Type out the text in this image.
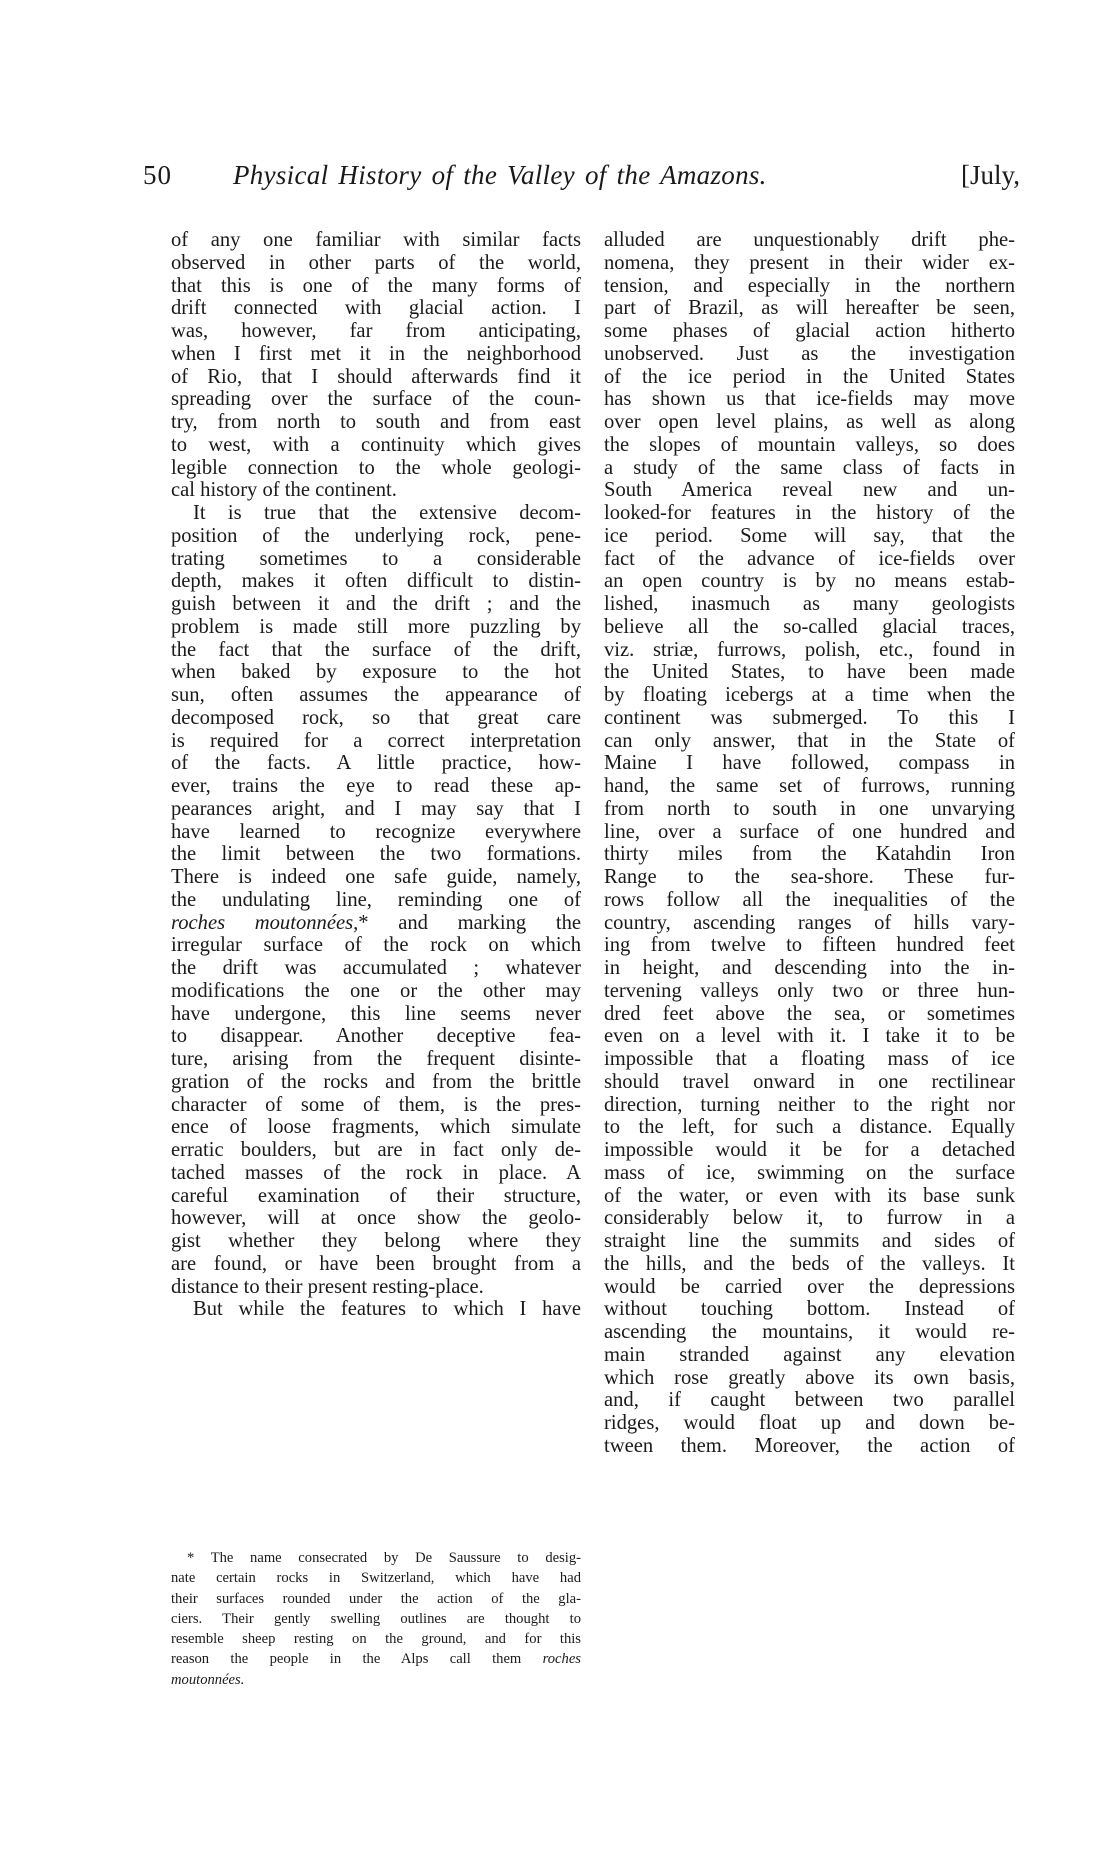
50 Physical History of the Valley of the Amazons.	[July,
of any one familiar with similar facts
observed in other parts of the world,
that this is one of the many forms of
drift connected with glacial action. I
was, however, far from anticipating,
when I first met it in the neighborhood
of Rio, that I should afterwards find it
spreading over the surface of the coun-
try, from north to south and from east
to west, with a continuity which gives
legible connection to the whole geologi-
cal history of the continent.
It is true that the extensive decom-
position of the underlying rock, pene-
trating sometimes to a considerable
depth, makes it often difficult to distin-
guish between it and the drift ; and the
problem is made still more puzzling by
the fact that the surface of the drift,
when baked by exposure to the hot
sun, often assumes the appearance of
decomposed rock, so that great care
is required for a correct interpretation
of the facts. A little practice, how-
ever, trains the eye to read these ap-
pearances aright, and I may say that I
have learned to recognize everywhere
the limit between the two formations.
There is indeed one safe guide, namely,
the undulating line, reminding one of
roches moutonnées,* and marking the
irregular surface of the rock on which
the drift was accumulated ; whatever
modifications the one or the other may
have undergone, this line seems never
to disappear. Another deceptive fea-
ture, arising from the frequent disinte-
gration of the rocks and from the brittle
character of some of them, is the pres-
ence of loose fragments, which simulate
erratic boulders, but are in fact only de-
tached masses of the rock in place. A
careful examination of their structure,
however, will at once show the geolo-
gist whether they belong where they
are found, or have been brought from a
distance to their present resting-place.
But while the features to which I have
alluded are unquestionably drift phe-
nomena, they present in their wider ex-
tension, and especially in the northern
part of Brazil, as will hereafter be seen,
some phases of glacial action hitherto
unobserved. Just as the investigation
of the ice period in the United States
has shown us that ice-fields may move
over open level plains, as well as along
the slopes of mountain valleys, so does
a study of the same class of facts in
South America reveal new and un-
looked-for features in the history of the
ice period. Some will say, that the
fact of the advance of ice-fields over
an open country is by no means estab-
lished, inasmuch as many geologists
believe all the so-called glacial traces,
viz. striæ, furrows, polish, etc., found in
the United States, to have been made
by floating icebergs at a time when the
continent was submerged. To this I
can only answer, that in the State of
Maine I have followed, compass in
hand, the same set of furrows, running
from north to south in one unvarying
line, over a surface of one hundred and
thirty miles from the Katahdin Iron
Range to the sea-shore. These fur-
rows follow all the inequalities of the
country, ascending ranges of hills vary-
ing from twelve to fifteen hundred feet
in height, and descending into the in-
tervening valleys only two or three hun-
dred feet above the sea, or sometimes
even on a level with it. I take it to be
impossible that a floating mass of ice
should travel onward in one rectilinear
direction, turning neither to the right nor
to the left, for such a distance. Equally
impossible would it be for a detached
mass of ice, swimming on the surface
of the water, or even with its base sunk
considerably below it, to furrow in a
straight line the summits and sides of
the hills, and the beds of the valleys. It
would be carried over the depressions
without touching bottom. Instead of
ascending the mountains, it would re-
main stranded against any elevation
which rose greatly above its own basis,
and, if caught between two parallel
ridges, would float up and down be-
tween them. Moreover, the action of
* The name consecrated by De Saussure to desig-
nate certain rocks in Switzerland, which have had
their surfaces rounded under the action of the gla-
ciers. Their gently swelling outlines are thought to
resemble sheep resting on the ground, and for this
reason the people in the Alps call them roches
moutonnées.
